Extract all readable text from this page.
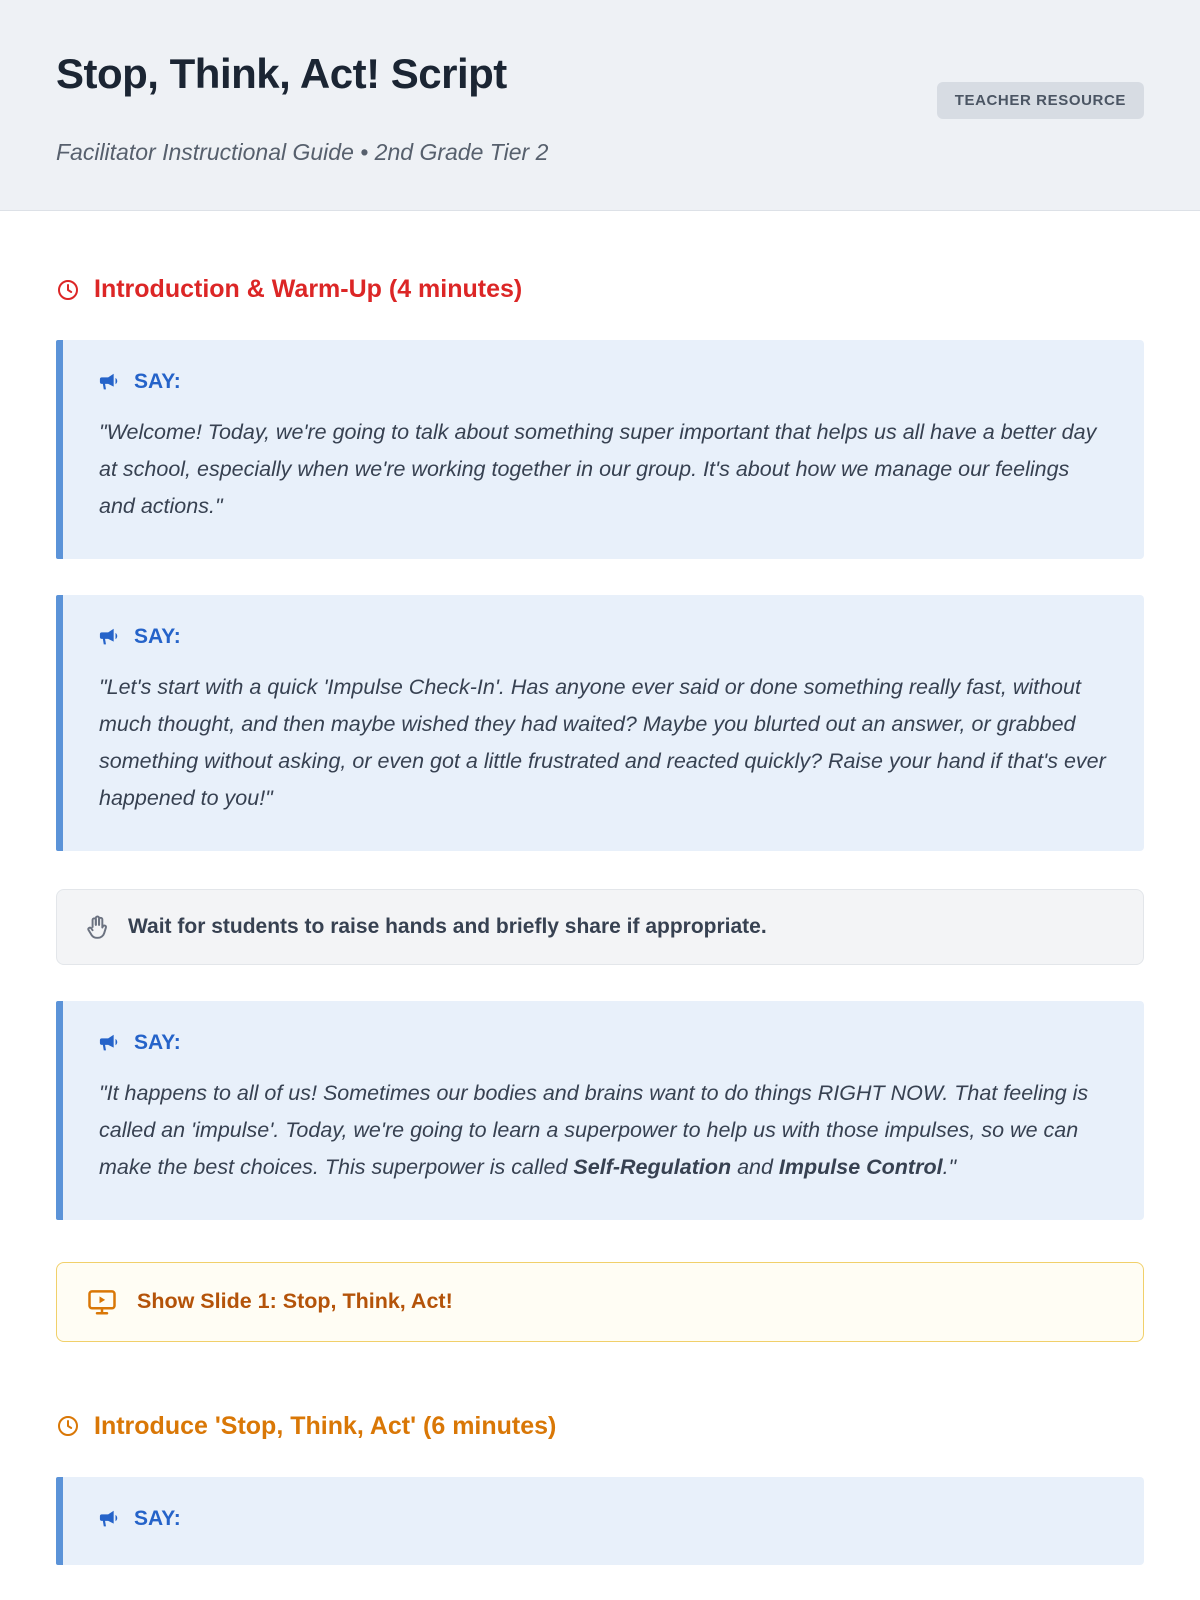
Stop, Think, Act! Script
TEACHER RESOURCE
Facilitator Instructional Guide • 2nd Grade Tier 2
Introduction & Warm-Up (4 minutes)
SAY:

"Welcome! Today, we're going to talk about something super important that helps us all have a better day at school, especially when we're working together in our group. It's about how we manage our feelings and actions."

SAY:

"Let's start with a quick 'Impulse Check-In'. Has anyone ever said or done something really fast, without much thought, and then maybe wished they had waited? Maybe you blurted out an answer, or grabbed something without asking, or even got a little frustrated and reacted quickly? Raise your hand if that's ever happened to you!"

Wait for students to raise hands and briefly share if appropriate.
SAY:

"It happens to all of us! Sometimes our bodies and brains want to do things RIGHT NOW. That feeling is called an 'impulse'. Today, we're going to learn a superpower to help us with those impulses, so we can make the best choices. This superpower is called Self-Regulation and Impulse Control."

Show Slide 1: Stop, Think, Act!
Introduce 'Stop, Think, Act' (6 minutes)
SAY:
